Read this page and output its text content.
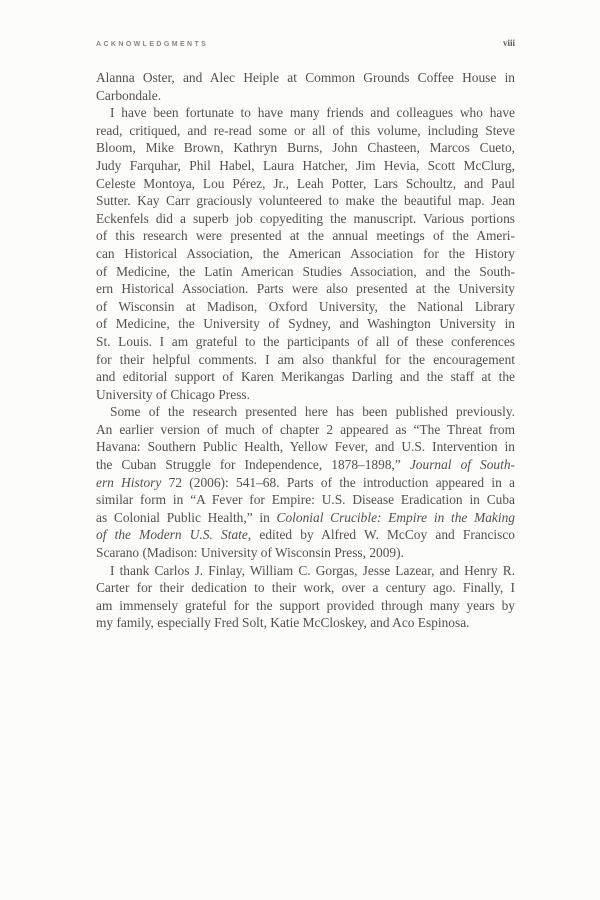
ACKNOWLEDGMENTS	viii
Alanna Oster, and Alec Heiple at Common Grounds Coffee House in
Carbondale.
I have been fortunate to have many friends and colleagues who have
read, critiqued, and re-read some or all of this volume, including Steve
Bloom, Mike Brown, Kathryn Burns, John Chasteen, Marcos Cueto,
Judy Farquhar, Phil Habel, Laura Hatcher, Jim Hevia, Scott McClurg,
Celeste Montoya, Lou Pérez, Jr., Leah Potter, Lars Schoultz, and Paul
Sutter. Kay Carr graciously volunteered to make the beautiful map. Jean
Eckenfels did a superb job copyediting the manuscript. Various portions
of this research were presented at the annual meetings of the Ameri-
can Historical Association, the American Association for the History
of Medicine, the Latin American Studies Association, and the South-
ern Historical Association. Parts were also presented at the University
of Wisconsin at Madison, Oxford University, the National Library
of Medicine, the University of Sydney, and Washington University in
St. Louis. I am grateful to the participants of all of these conferences
for their helpful comments. I am also thankful for the encouragement
and editorial support of Karen Merikangas Darling and the staff at the
University of Chicago Press.
Some of the research presented here has been published previously.
An earlier version of much of chapter 2 appeared as “The Threat from
Havana: Southern Public Health, Yellow Fever, and U.S. Intervention in
the Cuban Struggle for Independence, 1878–1898,” Journal of South-
ern History 72 (2006): 541–68. Parts of the introduction appeared in a
similar form in “A Fever for Empire: U.S. Disease Eradication in Cuba
as Colonial Public Health,” in Colonial Crucible: Empire in the Making
of the Modern U.S. State, edited by Alfred W. McCoy and Francisco
Scarano (Madison: University of Wisconsin Press, 2009).
I thank Carlos J. Finlay, William C. Gorgas, Jesse Lazear, and Henry R.
Carter for their dedication to their work, over a century ago. Finally, I
am immensely grateful for the support provided through many years by
my family, especially Fred Solt, Katie McCloskey, and Aco Espinosa.
